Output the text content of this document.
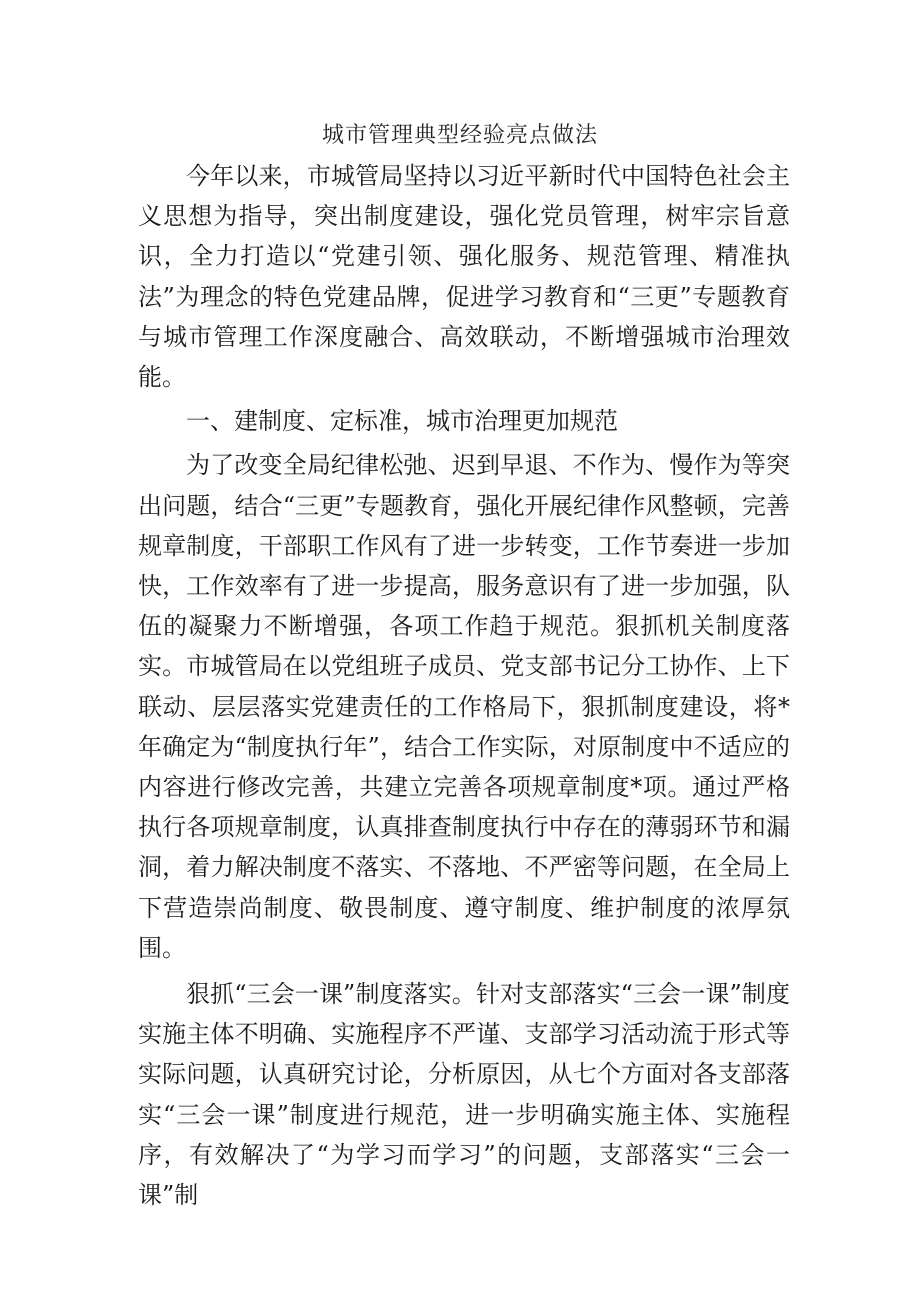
城市管理典型经验亮点做法

今年以来，市城管局坚持以习近平新时代中国特色社会主义思想为指导，突出制度建设，强化党员管理，树牢宗旨意识，全力打造以“党建引领、强化服务、规范管理、精准执法”为理念的特色党建品牌，促进学习教育和“三更”专题教育与城市管理工作深度融合、高效联动，不断增强城市治理效能。

一、建制度、定标准，城市治理更加规范

为了改变全局纪律松弛、迟到早退、不作为、慢作为等突出问题，结合“三更”专题教育，强化开展纪律作风整顿，完善规章制度，干部职工作风有了进一步转变，工作节奏进一步加快，工作效率有了进一步提高，服务意识有了进一步加强，队伍的凝聚力不断增强，各项工作趋于规范。狠抓机关制度落实。市城管局在以党组班子成员、党支部书记分工协作、上下联动、层层落实党建责任的工作格局下，狠抓制度建设，将*年确定为“制度执行年”，结合工作实际，对原制度中不适应的内容进行修改完善，共建立完善各项规章制度*项。通过严格执行各项规章制度，认真排查制度执行中存在的薄弱环节和漏洞，着力解决制度不落实、不落地、不严密等问题，在全局上下营造崇尚制度、敬畏制度、遵守制度、维护制度的浓厚氛围。

狠抓“三会一课”制度落实。针对支部落实“三会一课”制度实施主体不明确、实施程序不严谨、支部学习活动流于形式等实际问题，认真研究讨论，分析原因，从七个方面对各支部落实“三会一课”制度进行规范，进一步明确实施主体、实施程序，有效解决了“为学习而学习”的问题，支部落实“三会一课”制
